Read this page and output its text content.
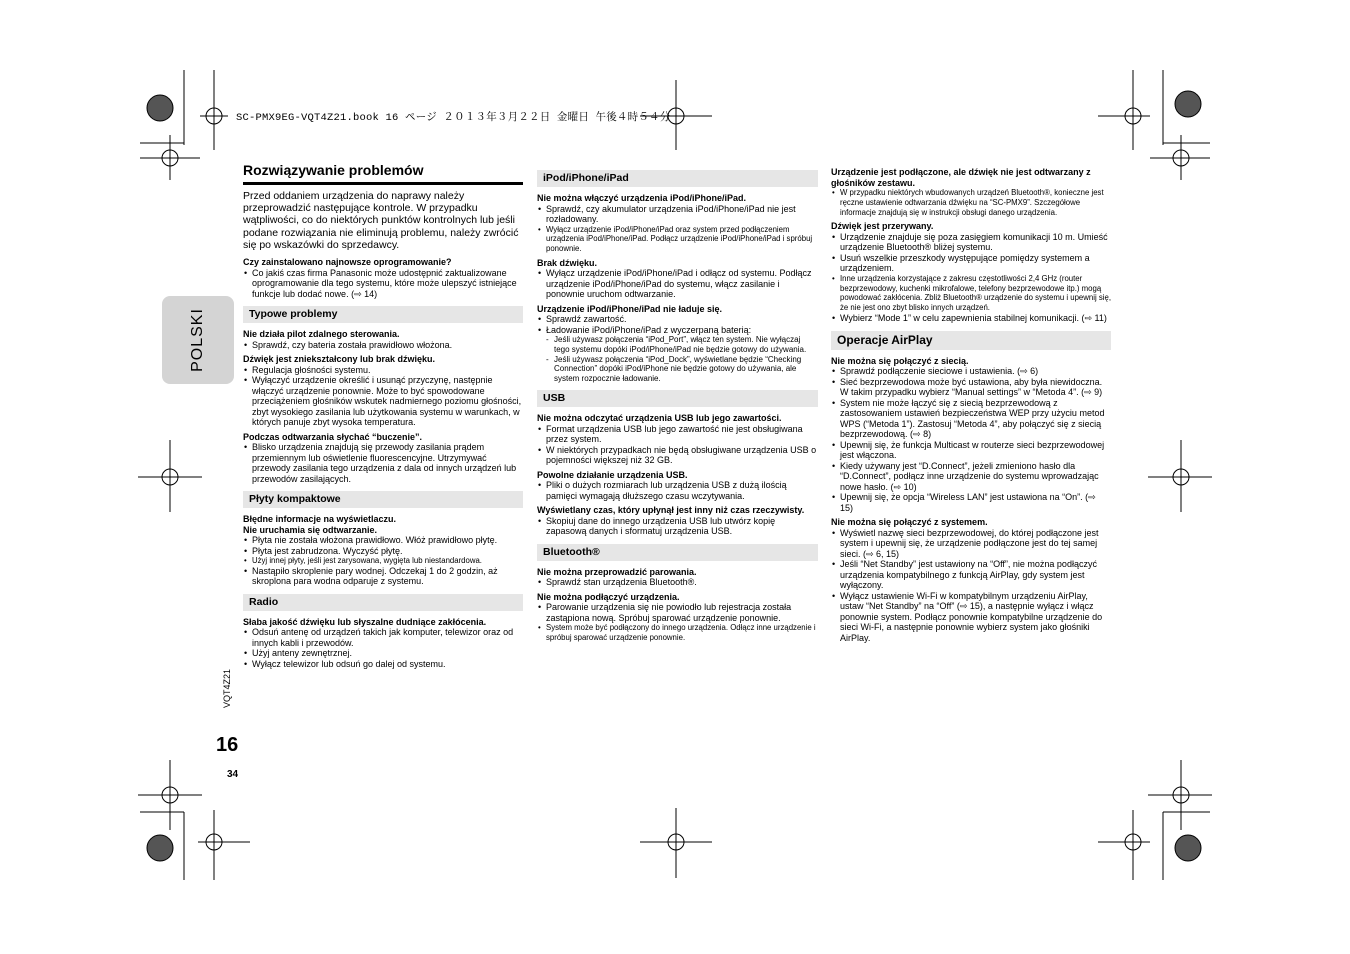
SC-PMX9EG-VQT4Z21.book 16 ページ ２０１３年３月２２日 金曜日 午後４時５４分
POLSKI
VQT4Z21
16
34
Rozwiązywanie problemów
Przed oddaniem urządzenia do naprawy należy przeprowadzić następujące kontrole. W przypadku wątpliwości, co do niektórych punktów kontrolnych lub jeśli podane rozwiązania nie eliminują problemu, należy zwrócić się po wskazówki do sprzedawcy.
Czy zainstalowano najnowsze oprogramowanie?
• Co jakiś czas firma Panasonic może udostępnić zaktualizowane oprogramowanie dla tego systemu, które może ulepszyć istniejące funkcje lub dodać nowe. (⇨ 14)
Typowe problemy
Nie działa pilot zdalnego sterowania.
• Sprawdź, czy bateria została prawidłowo włożona.
Dźwięk jest zniekształcony lub brak dźwięku.
• Regulacja głośności systemu.
• Wyłączyć urządzenie określić i usunąć przyczynę, następnie włączyć urządzenie ponownie. Może to być spowodowane przeciążeniem głośników wskutek nadmiernego poziomu głośności, zbyt wysokiego zasilania lub użytkowania systemu w warunkach, w których panuje zbyt wysoka temperatura.
Podczas odtwarzania słychać “buczenie”.
• Blisko urządzenia znajdują się przewody zasilania prądem przemiennym lub oświetlenie fluorescencyjne. Utrzymywać przewody zasilania tego urządzenia z dala od innych urządzeń lub przewodów zasilających.
Płyty kompaktowe
Błędne informacje na wyświetlaczu.
Nie uruchamia się odtwarzanie.
• Płyta nie została włożona prawidłowo. Włóż prawidłowo płytę.
• Płyta jest zabrudzona. Wyczyść płytę.
• Użyj innej płyty, jeśli jest zarysowana, wygięta lub niestandardowa.
• Nastąpiło skroplenie pary wodnej. Odczekaj 1 do 2 godzin, aż skroplona para wodna odparuje z systemu.
Radio
Słaba jakość dźwięku lub słyszalne dudniące zakłócenia.
• Odsuń antenę od urządzeń takich jak komputer, telewizor oraz od innych kabli i przewodów.
• Użyj anteny zewnętrznej.
• Wyłącz telewizor lub odsuń go dalej od systemu.
iPod/iPhone/iPad
Nie można włączyć urządzenia iPod/iPhone/iPad.
• Sprawdź, czy akumulator urządzenia iPod/iPhone/iPad nie jest rozładowany.
• Wyłącz urządzenie iPod/iPhone/iPad oraz system przed podłączeniem urządzenia iPod/iPhone/iPad. Podłącz urządzenie iPod/iPhone/iPad i spróbuj ponownie.
Brak dźwięku.
• Wyłącz urządzenie iPod/iPhone/iPad i odłącz od systemu. Podłącz urządzenie iPod/iPhone/iPad do systemu, włącz zasilanie i ponownie uruchom odtwarzanie.
Urządzenie iPod/iPhone/iPad nie ładuje się.
• Sprawdź zawartość.
• Ładowanie iPod/iPhone/iPad z wyczerpaną baterią:
- Jeśli używasz połączenia “iPod_Port”, włącz ten system. Nie wyłączaj tego systemu dopóki iPod/iPhone/iPad nie będzie gotowy do używania.
- Jeśli używasz połączenia “iPod_Dock”, wyświetlane będzie “Checking Connection” dopóki iPod/iPhone nie będzie gotowy do używania, ale system rozpocznie ładowanie.
USB
Nie można odczytać urządzenia USB lub jego zawartości.
• Format urządzenia USB lub jego zawartość nie jest obsługiwana przez system.
• W niektórych przypadkach nie będą obsługiwane urządzenia USB o pojemności większej niż 32 GB.
Powolne działanie urządzenia USB.
• Pliki o dużych rozmiarach lub urządzenia USB z dużą ilością pamięci wymagają dłuższego czasu wczytywania.
Wyświetlany czas, który upłynął jest inny niż czas rzeczywisty.
• Skopiuj dane do innego urządzenia USB lub utwórz kopię zapasową danych i sformatuj urządzenia USB.
Bluetooth®
Nie można przeprowadzić parowania.
• Sprawdź stan urządzenia Bluetooth®.
Nie można podłączyć urządzenia.
• Parowanie urządzenia się nie powiodło lub rejestracja została zastąpiona nową. Spróbuj sparować urządzenie ponownie.
• System może być podłączony do innego urządzenia. Odłącz inne urządzenie i spróbuj sparować urządzenie ponownie.
Urządzenie jest podłączone, ale dźwięk nie jest odtwarzany z głośników zestawu.
• W przypadku niektórych wbudowanych urządzeń Bluetooth®, konieczne jest ręczne ustawienie odtwarzania dźwięku na “SC-PMX9”. Szczegółowe informacje znajdują się w instrukcji obsługi danego urządzenia.
Dźwięk jest przerywany.
• Urządzenie znajduje się poza zasięgiem komunikacji 10 m. Umieść urządzenie Bluetooth® bliżej systemu.
• Usuń wszelkie przeszkody występujące pomiędzy systemem a urządzeniem.
• Inne urządzenia korzystające z zakresu częstotliwości 2,4 GHz (router bezprzewodowy, kuchenki mikrofalowe, telefony bezprzewodowe itp.) mogą powodować zakłócenia. Zbliż Bluetooth® urządzenie do systemu i upewnij się, że nie jest ono zbyt blisko innych urządzeń.
• Wybierz “Mode 1” w celu zapewnienia stabilnej komunikacji. (⇨ 11)
Operacje AirPlay
Nie można się połączyć z siecią.
• Sprawdź podłączenie sieciowe i ustawienia. (⇨ 6)
• Sieć bezprzewodowa może być ustawiona, aby była niewidoczna. W takim przypadku wybierz “Manual settings” w “Metoda 4”. (⇨ 9)
• System nie może łączyć się z siecią bezprzewodową z zastosowaniem ustawień bezpieczeństwa WEP przy użyciu metod WPS (“Metoda 1”). Zastosuj “Metoda 4”, aby połączyć się z siecią bezprzewodową. (⇨ 8)
• Upewnij się, że funkcja Multicast w routerze sieci bezprzewodowej jest włączona.
• Kiedy używany jest “D.Connect”, jeżeli zmieniono hasło dla “D.Connect”, podłącz inne urządzenie do systemu wprowadzając nowe hasło. (⇨ 10)
• Upewnij się, że opcja “Wireless LAN” jest ustawiona na “On”. (⇨ 15)
Nie można się połączyć z systemem.
• Wyświetl nazwę sieci bezprzewodowej, do której podłączone jest system i upewnij się, że urządzenie podłączone jest do tej samej sieci. (⇨ 6, 15)
• Jeśli “Net Standby” jest ustawiony na “Off”, nie można podłączyć urządzenia kompatybilnego z funkcją AirPlay, gdy system jest wyłączony.
• Wyłącz ustawienie Wi-Fi w kompatybilnym urządzeniu AirPlay, ustaw “Net Standby” na “Off” (⇨ 15), a następnie wyłącz i włącz ponownie system. Podłącz ponownie kompatybilne urządzenie do sieci Wi-Fi, a następnie ponownie wybierz system jako głośniki AirPlay.
